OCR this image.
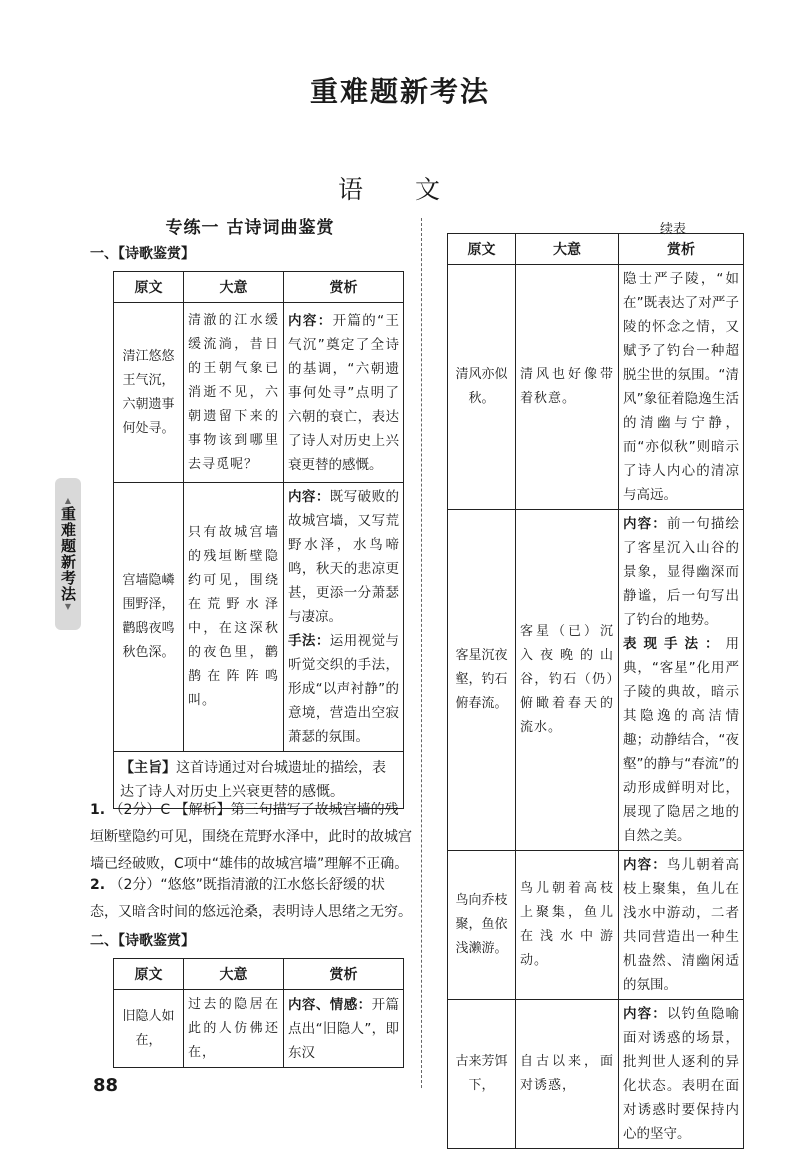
重难题新考法
语 文
专练一 古诗词曲鉴赏
一、【诗歌鉴赏】
原文	大意	赏析
清江悠悠王气沉，六朝遗事何处寻。	清澈的江水缓缓流淌，昔日的王朝气象已消逝不见，六朝遗留下来的事物该到哪里去寻觅呢？	内容：开篇的“王气沉”奠定了全诗的基调，“六朝遗事何处寻”点明了六朝的衰亡，表达了诗人对历史上兴衰更替的感慨。
宫墙隐嶙围野泽，鹳鸱夜鸣秋色深。	只有故城宫墙的残垣断壁隐约可见，围绕在荒野水泽中，在这深秋的夜色里，鹳鹊在阵阵鸣叫。	内容：既写破败的故城宫墙，又写荒野水泽，水鸟啼鸣，秋天的悲凉更甚，更添一分萧瑟与凄凉。
手法：运用视觉与听觉交织的手法，形成“以声衬静”的意境，营造出空寂萧瑟的氛围。
【主旨】这首诗通过对台城遗址的描绘，表达了诗人对历史上兴衰更替的感慨。		
1. （2分）C 【解析】第三句描写了故城宫墙的残垣断壁隐约可见，围绕在荒野水泽中，此时的故城宫墙已经破败，C项中“雄伟的故城宫墙”理解不正确。
2. （2分）“悠悠”既指清澈的江水悠长舒缓的状态，又暗含时间的悠远沧桑，表明诗人思绪之无穷。
二、【诗歌鉴赏】
原文	大意	赏析
旧隐人如在，	过去的隐居在此的人仿佛还在，	内容、情感：开篇点出“旧隐人”，即东汉
▲
重难题新考法
▼
续表
原文	大意	赏析
清风亦似秋。	清风也好像带着秋意。	隐士严子陵，“如在”既表达了对严子陵的怀念之情，又赋予了钓台一种超脱尘世的氛围。“清风”象征着隐逸生活的清幽与宁静，而“亦似秋”则暗示了诗人内心的清凉与高远。
客星沉夜壑，钓石俯春流。	客星（已）沉入夜晚的山谷，钓石（仍）俯瞰着春天的流水。	内容：前一句描绘了客星沉入山谷的景象，显得幽深而静谧，后一句写出了钓台的地势。
表现手法：用典，“客星”化用严子陵的典故，暗示其隐逸的高洁情趣；动静结合，“夜壑”的静与“春流”的动形成鲜明对比，展现了隐居之地的自然之美。
鸟向乔枝聚，鱼依浅濑游。	鸟儿朝着高枝上聚集，鱼儿在浅水中游动。	内容：鸟儿朝着高枝上聚集，鱼儿在浅水中游动，二者共同营造出一种生机盎然、清幽闲适的氛围。
古来芳饵下，	自古以来，面对诱惑，	内容：以钓鱼隐喻面对诱惑的场景，批判世人逐利的异化状态。表明在面对诱惑时要保持内心的坚守。
88
